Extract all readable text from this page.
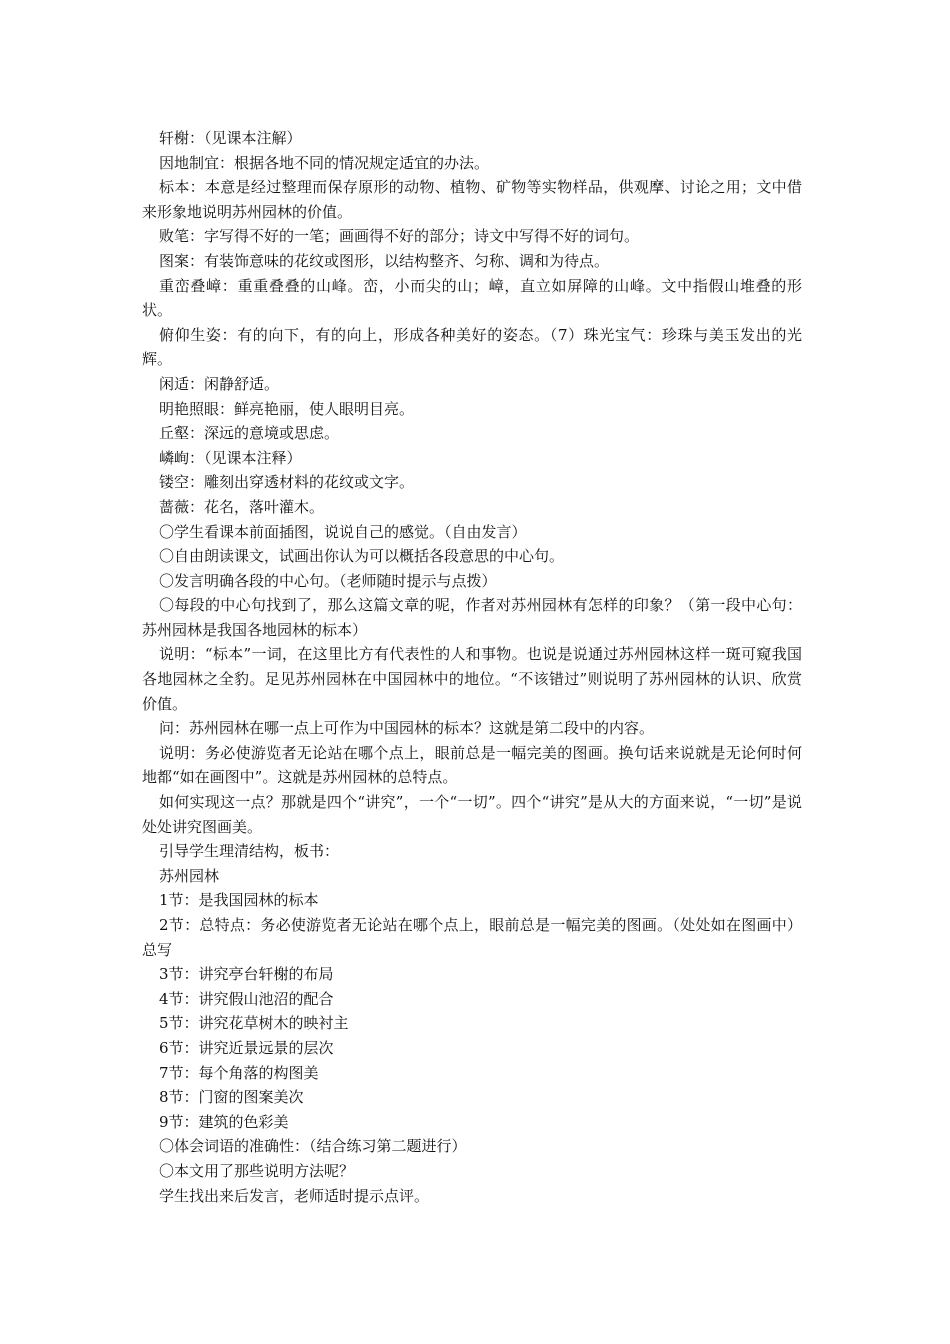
轩榭：（见课本注解）

因地制宜：根据各地不同的情况规定适宜的办法。

标本：本意是经过整理而保存原形的动物、植物、矿物等实物样品，供观摩、讨论之用；文中借来形象地说明苏州园林的价值。

败笔：字写得不好的一笔；画画得不好的部分；诗文中写得不好的词句。

图案：有装饰意味的花纹或图形，以结构整齐、匀称、调和为待点。

重峦叠嶂：重重叠叠的山峰。峦，小而尖的山；嶂，直立如屏障的山峰。文中指假山堆叠的形状。

俯仰生姿：有的向下，有的向上，形成各种美好的姿态。（7）珠光宝气：珍珠与美玉发出的光辉。

闲适：闲静舒适。

明艳照眼：鲜亮艳丽，使人眼明目亮。

丘壑：深远的意境或思虑。

嶙峋：（见课本注释）

镂空：雕刻出穿透材料的花纹或文字。

蔷薇：花名，落叶灌木。

〇学生看课本前面插图，说说自己的感觉。（自由发言）

〇自由朗读课文，试画出你认为可以概括各段意思的中心句。

〇发言明确各段的中心句。（老师随时提示与点拨）

〇每段的中心句找到了，那么这篇文章的呢，作者对苏州园林有怎样的印象？（第一段中心句：苏州园林是我国各地园林的标本）

说明：“标本”一词，在这里比方有代表性的人和事物。也说是说通过苏州园林这样一斑可窥我国各地园林之全豹。足见苏州园林在中国园林中的地位。“不该错过”则说明了苏州园林的认识、欣赏价值。

问：苏州园林在哪一点上可作为中国园林的标本？这就是第二段中的内容。

说明：务必使游览者无论站在哪个点上，眼前总是一幅完美的图画。换句话来说就是无论何时何地都“如在画图中”。这就是苏州园林的总特点。

如何实现这一点？那就是四个“讲究”，一个“一切”。四个“讲究”是从大的方面来说，“一切”是说处处讲究图画美。

引导学生理清结构，板书：

苏州园林

1节：是我国园林的标本

2节：总特点：务必使游览者无论站在哪个点上，眼前总是一幅完美的图画。（处处如在图画中）总写

3节：讲究亭台轩榭的布局

4节：讲究假山池沼的配合

5节：讲究花草树木的映衬主

6节：讲究近景远景的层次

7节：每个角落的构图美

8节：门窗的图案美次

9节：建筑的色彩美

〇体会词语的准确性：（结合练习第二题进行）

〇本文用了那些说明方法呢？

学生找出来后发言，老师适时提示点评。
